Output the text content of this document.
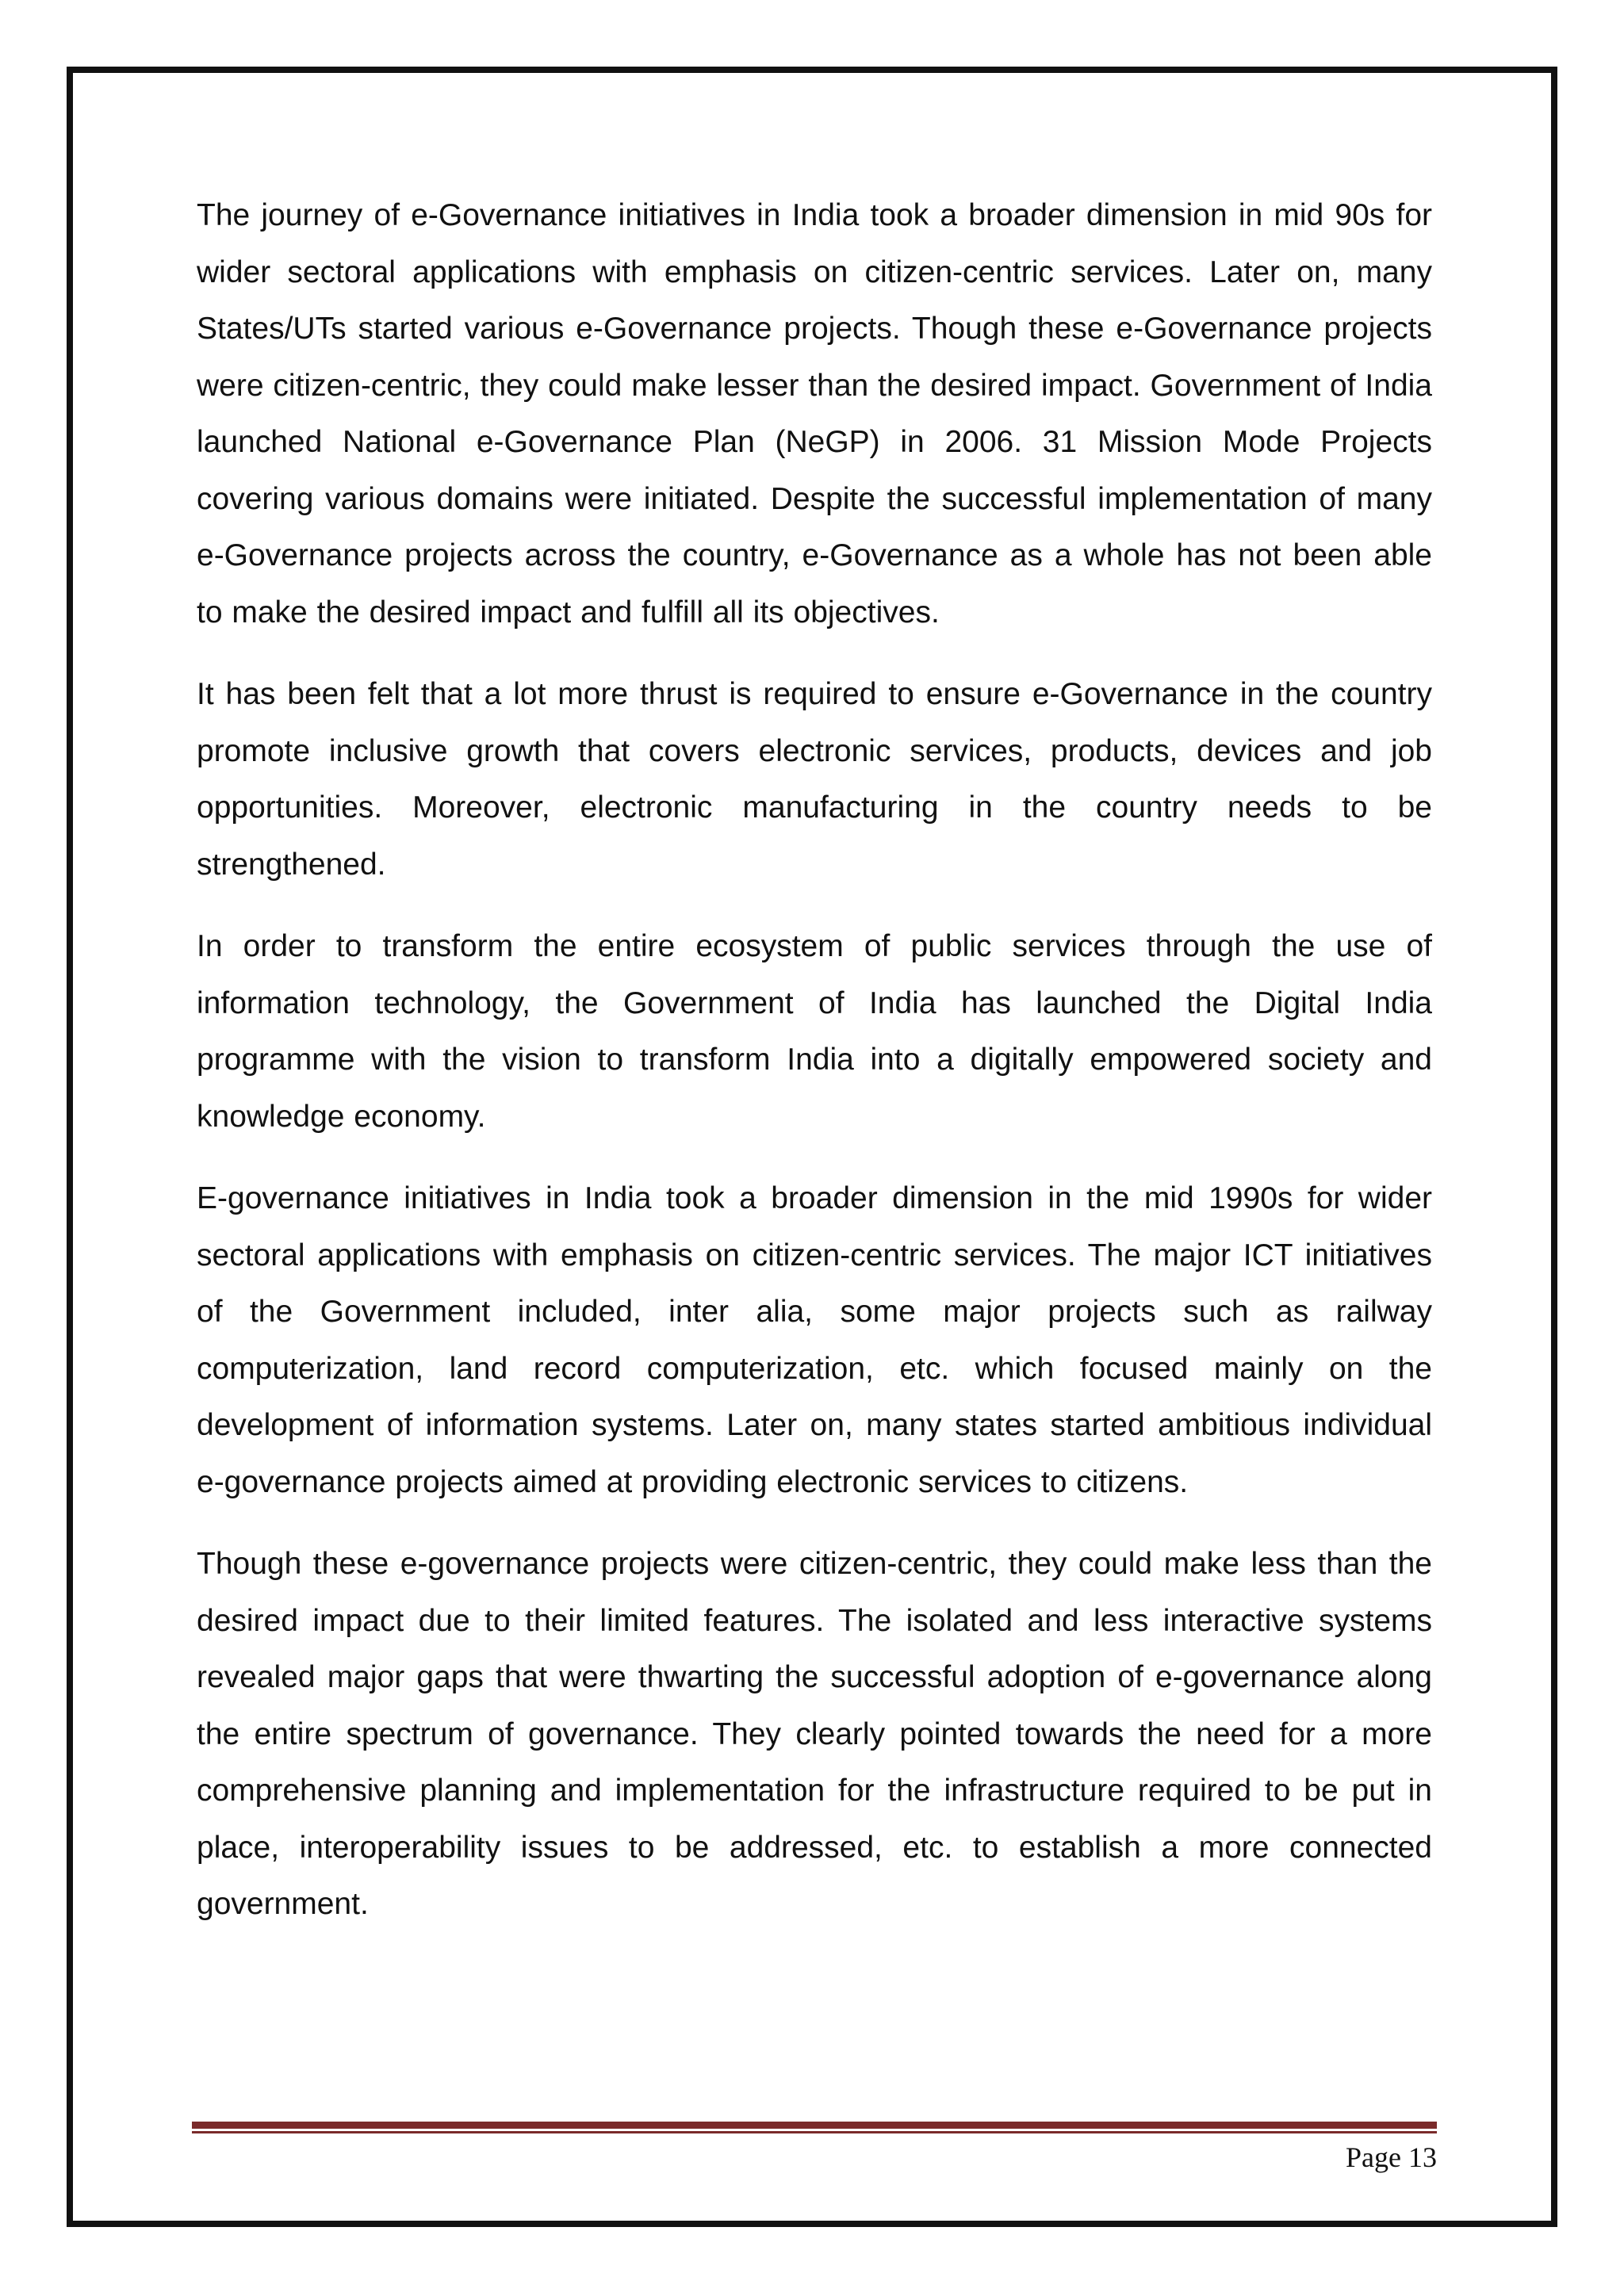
The journey of e-Governance initiatives in India took a broader dimension in mid 90s for wider sectoral applications with emphasis on citizen-centric services. Later on, many States/UTs started various e-Governance projects. Though these e-Governance projects were citizen-centric, they could make lesser than the desired impact. Government of India launched National e-Governance Plan (NeGP) in 2006. 31 Mission Mode Projects covering various domains were initiated. Despite the successful implementation of many e-Governance projects across the country, e-Governance as a whole has not been able to make the desired impact and fulfill all its objectives.

It has been felt that a lot more thrust is required to ensure e-Governance in the country promote inclusive growth that covers electronic services, products, devices and job opportunities. Moreover, electronic manufacturing in the country needs to be strengthened.

In order to transform the entire ecosystem of public services through the use of information technology, the Government of India has launched the Digital India programme with the vision to transform India into a digitally empowered society and knowledge economy.

E-governance initiatives in India took a broader dimension in the mid 1990s for wider sectoral applications with emphasis on citizen-centric services. The major ICT initiatives of the Government included, inter alia, some major projects such as railway computerization, land record computerization, etc. which focused mainly on the development of information systems. Later on, many states started ambitious individual e-governance projects aimed at providing electronic services to citizens.

Though these e-governance projects were citizen-centric, they could make less than the desired impact due to their limited features. The isolated and less interactive systems revealed major gaps that were thwarting the successful adoption of e-governance along the entire spectrum of governance. They clearly pointed towards the need for a more comprehensive planning and implementation for the infrastructure required to be put in place, interoperability issues to be addressed, etc. to establish a more connected government.

Page 13
